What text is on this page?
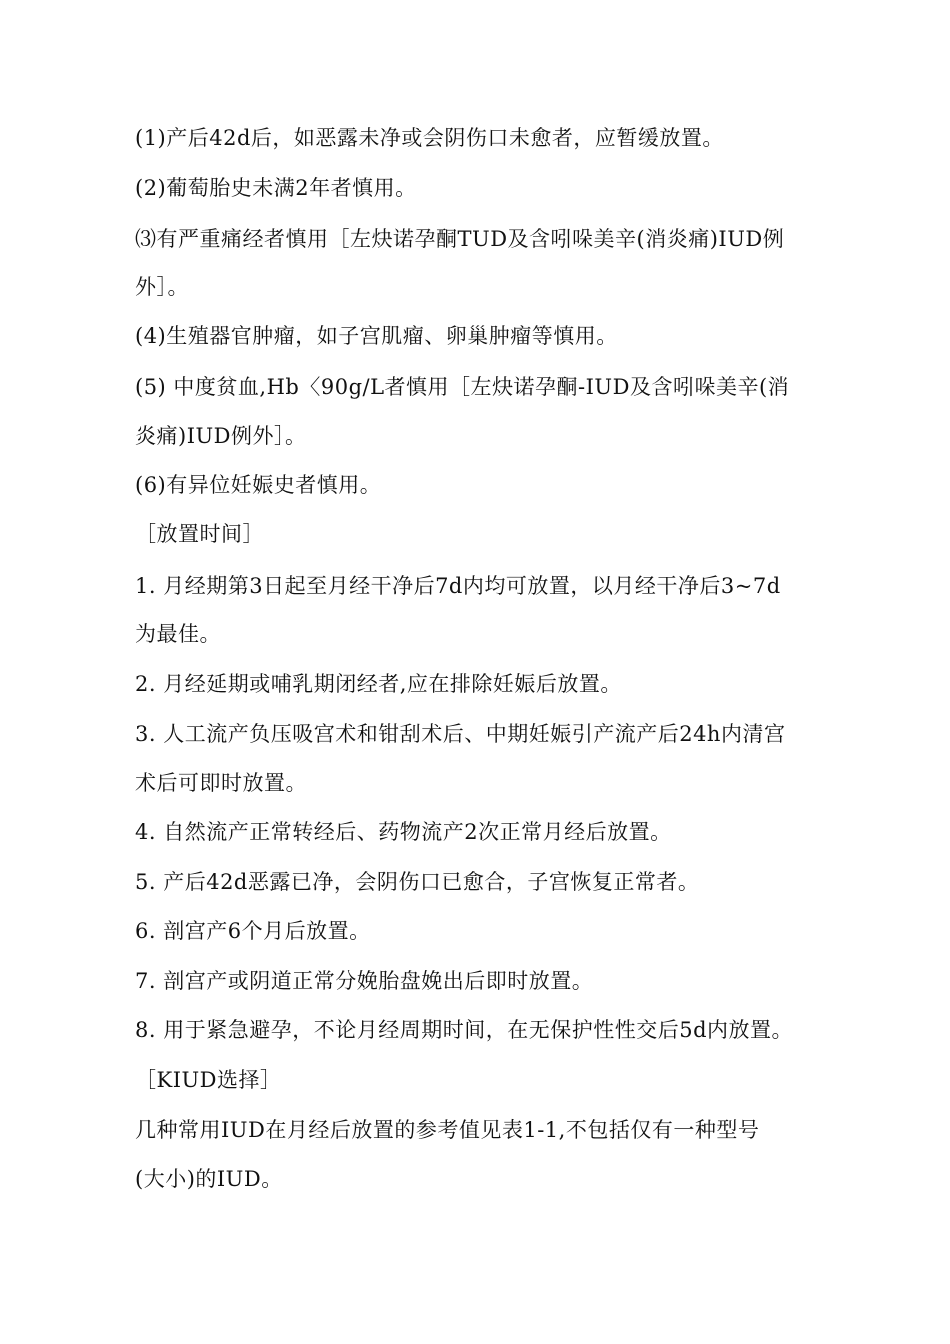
(1)产后42d后，如恶露未净或会阴伤口未愈者，应暂缓放置。
(2)葡萄胎史未满2年者慎用。
⑶有严重痛经者慎用［左炔诺孕酮TUD及含吲哚美辛(消炎痛)IUD例
外］。
(4)生殖器官肿瘤，如子宫肌瘤、卵巢肿瘤等慎用。
(5) 中度贫血,Hb〈90g/L者慎用［左炔诺孕酮-IUD及含吲哚美辛(消
炎痛)IUD例外］。
(6)有异位妊娠史者慎用。
［放置时间］
1. 月经期第3日起至月经干净后7d内均可放置，以月经干净后3~7d
为最佳。
2. 月经延期或哺乳期闭经者,应在排除妊娠后放置。
3. 人工流产负压吸宫术和钳刮术后、中期妊娠引产流产后24h内清宫
术后可即时放置。
4. 自然流产正常转经后、药物流产2次正常月经后放置。
5. 产后42d恶露已净，会阴伤口已愈合，子宫恢复正常者。
6. 剖宫产6个月后放置。
7. 剖宫产或阴道正常分娩胎盘娩出后即时放置。
8. 用于紧急避孕，不论月经周期时间，在无保护性性交后5d内放置。
［KIUD选择］
几种常用IUD在月经后放置的参考值见表1-1,不包括仅有一种型号
(大小)的IUD。
